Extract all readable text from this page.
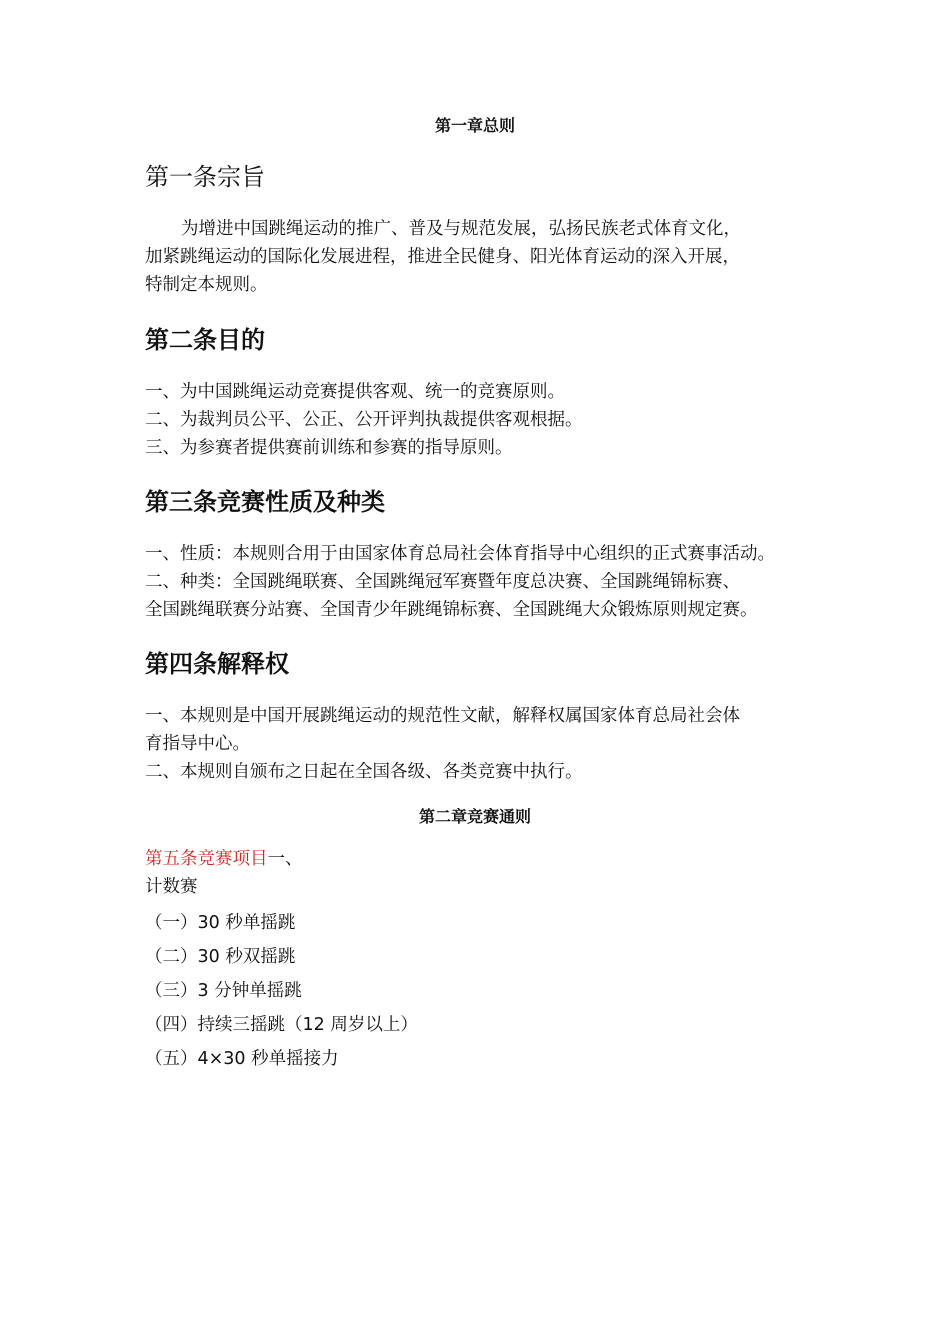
第一章总则
第一条宗旨
为增进中国跳绳运动的推广、普及与规范发展，弘扬民族老式体育文化，
加紧跳绳运动的国际化发展进程，推进全民健身、阳光体育运动的深入开展，
特制定本规则。
第二条目的
一、为中国跳绳运动竞赛提供客观、统一的竞赛原则。
二、为裁判员公平、公正、公开评判执裁提供客观根据。
三、为参赛者提供赛前训练和参赛的指导原则。
第三条竞赛性质及种类
一、性质：本规则合用于由国家体育总局社会体育指导中心组织的正式赛事活动。
二、种类：全国跳绳联赛、全国跳绳冠军赛暨年度总决赛、全国跳绳锦标赛、
全国跳绳联赛分站赛、全国青少年跳绳锦标赛、全国跳绳大众锻炼原则规定赛。
第四条解释权
一、本规则是中国开展跳绳运动的规范性文献，解释权属国家体育总局社会体
育指导中心。
二、本规则自颁布之日起在全国各级、各类竞赛中执行。
第二章竞赛通则
第五条竞赛项目一、
计数赛
（一）30 秒单摇跳
（二）30 秒双摇跳
（三）3 分钟单摇跳
（四）持续三摇跳（12 周岁以上）
（五）4×30 秒单摇接力
